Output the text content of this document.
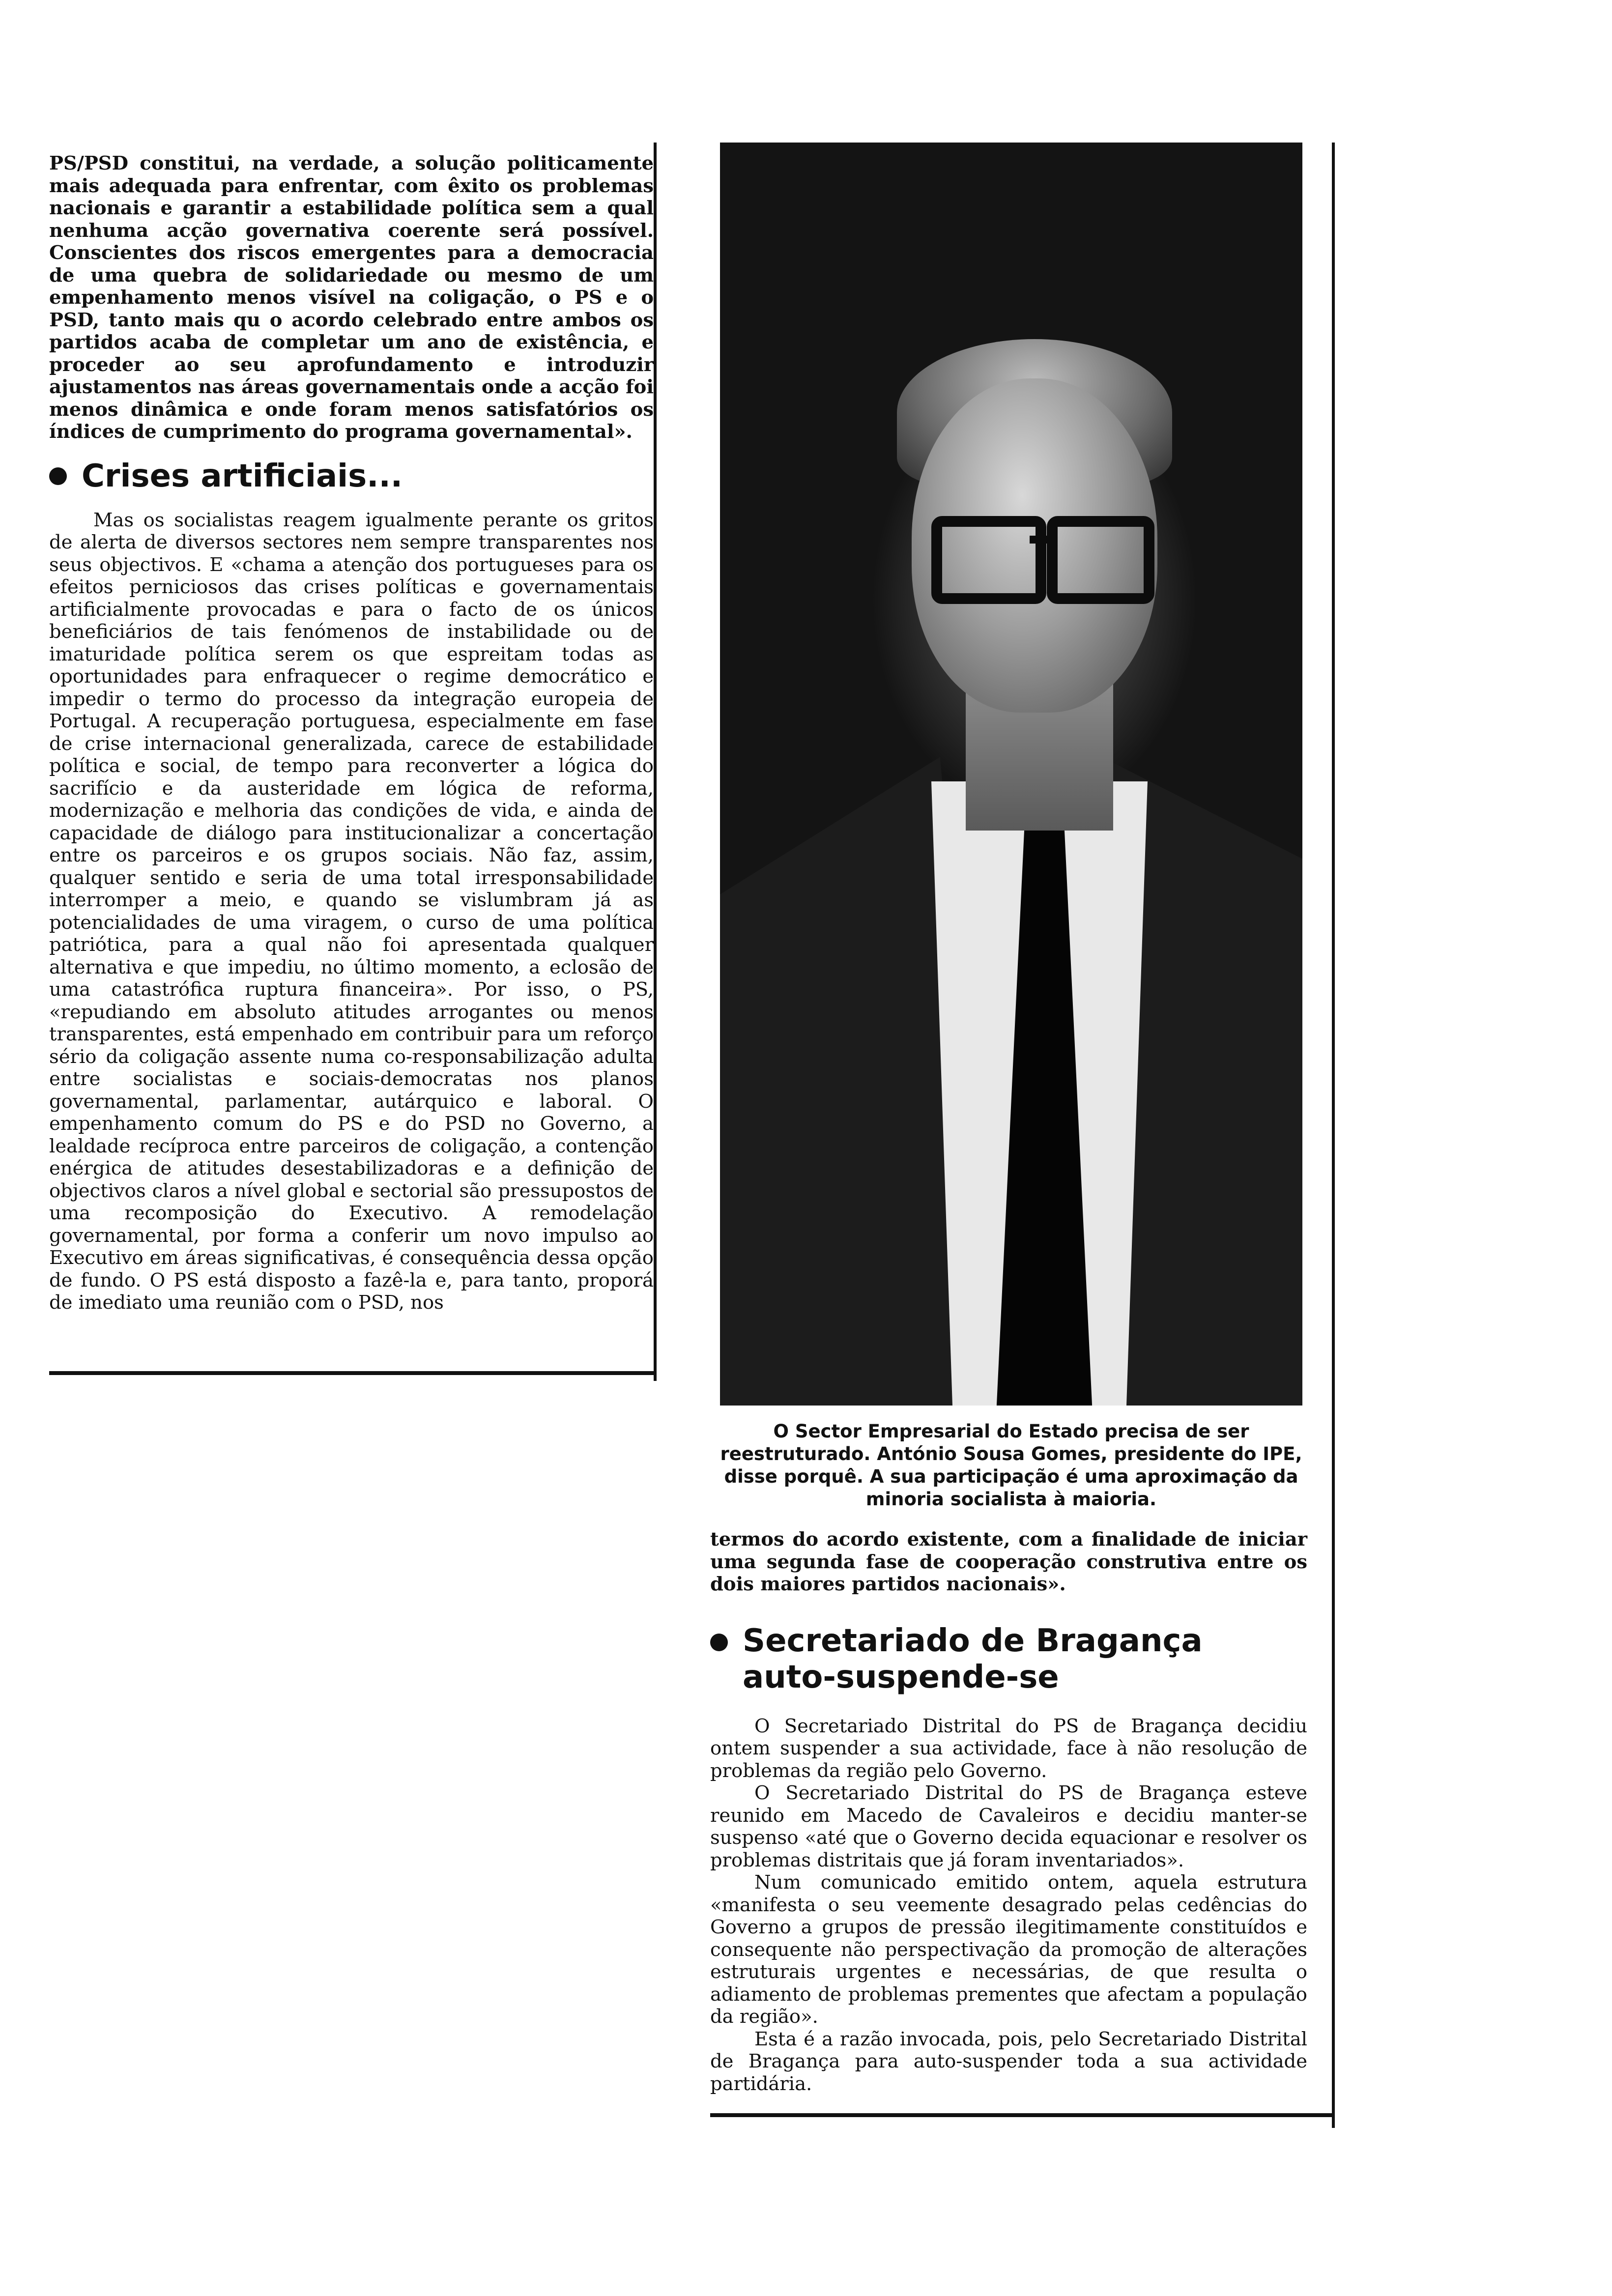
PS/PSD constitui, na verdade, a solução politicamente mais adequada para enfrentar, com êxito os problemas nacionais e garantir a estabilidade política sem a qual nenhuma acção governativa coerente será possível. Conscientes dos riscos emergentes para a democracia de uma quebra de solidariedade ou mesmo de um empenhamento menos visível na coligação, o PS e o PSD, tanto mais qu o acordo celebrado entre ambos os partidos acaba de completar um ano de existência, e proceder ao seu aprofundamento e introduzir ajustamentos nas áreas governamentais onde a acção foi menos dinâmica e onde foram menos satisfatórios os índices de cumprimento do programa governamental».

Crises artificiais...

Mas os socialistas reagem igualmente perante os gritos de alerta de diversos sectores nem sempre transparentes nos seus objectivos. E «chama a atenção dos portugueses para os efeitos perniciosos das crises políticas e governamentais artificialmente provocadas e para o facto de os únicos beneficiários de tais fenómenos de instabilidade ou de imaturidade política serem os que espreitam todas as oportunidades para enfraquecer o regime democrático e impedir o termo do processo da integração europeia de Portugal. A recuperação portuguesa, especialmente em fase de crise internacional generalizada, carece de estabilidade política e social, de tempo para reconverter a lógica do sacrifício e da austeridade em lógica de reforma, modernização e melhoria das condições de vida, e ainda de capacidade de diálogo para institucionalizar a concertação entre os parceiros e os grupos sociais. Não faz, assim, qualquer sentido e seria de uma total irresponsabilidade interromper a meio, e quando se vislumbram já as potencialidades de uma viragem, o curso de uma política patriótica, para a qual não foi apresentada qualquer alternativa e que impediu, no último momento, a eclosão de uma catastrófica ruptura financeira». Por isso, o PS, «repudiando em absoluto atitudes arrogantes ou menos transparentes, está empenhado em contribuir para um reforço sério da coligação assente numa co-responsabilização adulta entre socialistas e sociais-democratas nos planos governamental, parlamentar, autárquico e laboral. O empenhamento comum do PS e do PSD no Governo, a lealdade recíproca entre parceiros de coligação, a contenção enérgica de atitudes desestabilizadoras e a definição de objectivos claros a nível global e sectorial são pressupostos de uma recomposição do Executivo. A remodelação governamental, por forma a conferir um novo impulso ao Executivo em áreas significativas, é consequência dessa opção de fundo. O PS está disposto a fazê-la e, para tanto, proporá de imediato uma reunião com o PSD, nos

O Sector Empresarial do Estado precisa de ser reestruturado. António Sousa Gomes, presidente do IPE, disse porquê. A sua participação é uma aproximação da minoria socialista à maioria.

termos do acordo existente, com a finalidade de iniciar uma segunda fase de cooperação construtiva entre os dois maiores partidos nacionais».

Secretariado de Bragança
auto-suspende-se

O Secretariado Distrital do PS de Bragança decidiu ontem suspender a sua actividade, face à não resolução de problemas da região pelo Governo.

O Secretariado Distrital do PS de Bragança esteve reunido em Macedo de Cavaleiros e decidiu manter-se suspenso «até que o Governo decida equacionar e resolver os problemas distritais que já foram inventariados».

Num comunicado emitido ontem, aquela estrutura «manifesta o seu veemente desagrado pelas cedências do Governo a grupos de pressão ilegitimamente constituídos e consequente não perspectivação da promoção de alterações estruturais urgentes e necessárias, de que resulta o adiamento de problemas prementes que afectam a população da região».

Esta é a razão invocada, pois, pelo Secretariado Distrital de Bragança para auto-suspender toda a sua actividade partidária.
